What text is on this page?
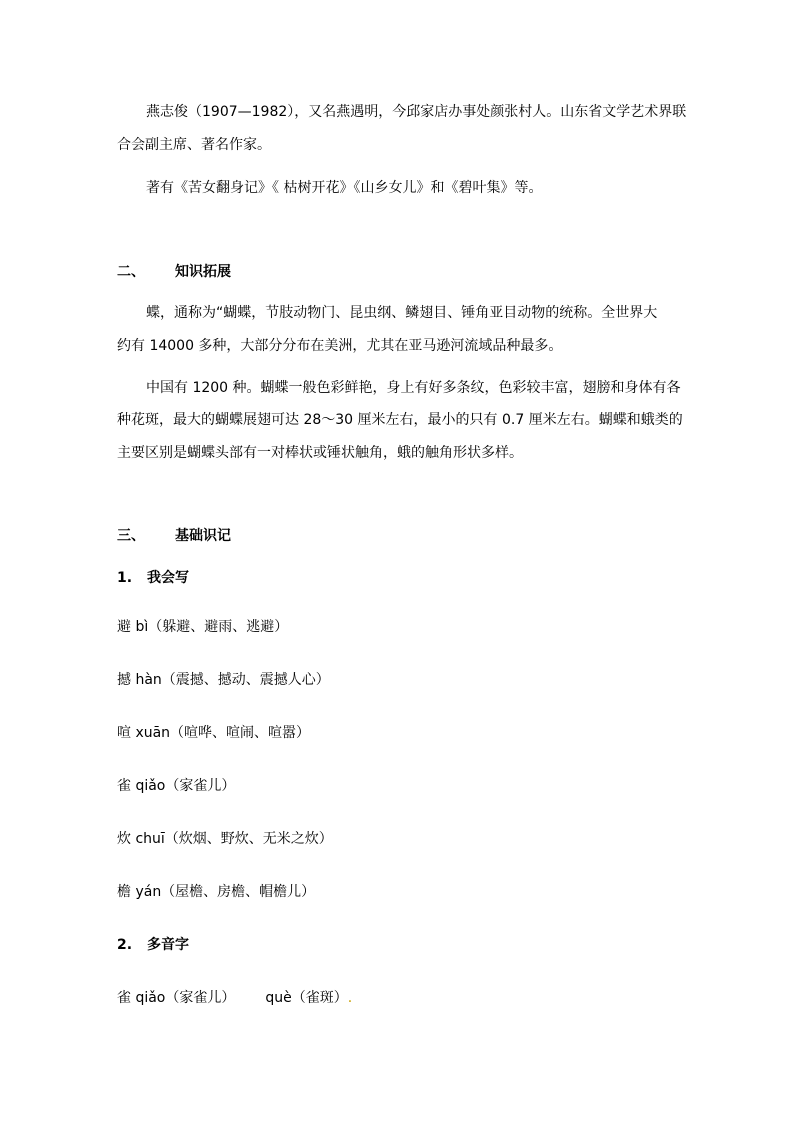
燕志俊（1907—1982），又名燕遇明，今邱家店办事处颜张村人。山东省文学艺术界联
合会副主席、著名作家。
著有《苦女翻身记》《 枯树开花》《山乡女儿》和《碧叶集》等。
二、 知识拓展
蝶，通称为“蝴蝶，节肢动物门、昆虫纲、鳞翅目、锤角亚目动物的统称。全世界大
约有 14000 多种，大部分分布在美洲，尤其在亚马逊河流域品种最多。
中国有 1200 种。蝴蝶一般色彩鲜艳，身上有好多条纹，色彩较丰富，翅膀和身体有各
种花斑，最大的蝴蝶展翅可达 28～30 厘米左右，最小的只有 0.7 厘米左右。蝴蝶和蛾类的
主要区别是蝴蝶头部有一对棒状或锤状触角，蛾的触角形状多样。
三、 基础识记
1. 我会写
避 bì（躲避、避雨、逃避）
撼 hàn（震撼、撼动、震撼人心）
喧 xuān（喧哗、喧闹、喧嚣）
雀 qiǎo（家雀儿）
炊 chuī（炊烟、野炊、无米之炊）
檐 yán（屋檐、房檐、帽檐儿）
2. 多音字
雀 qiǎo（家雀儿） què（雀斑）.
